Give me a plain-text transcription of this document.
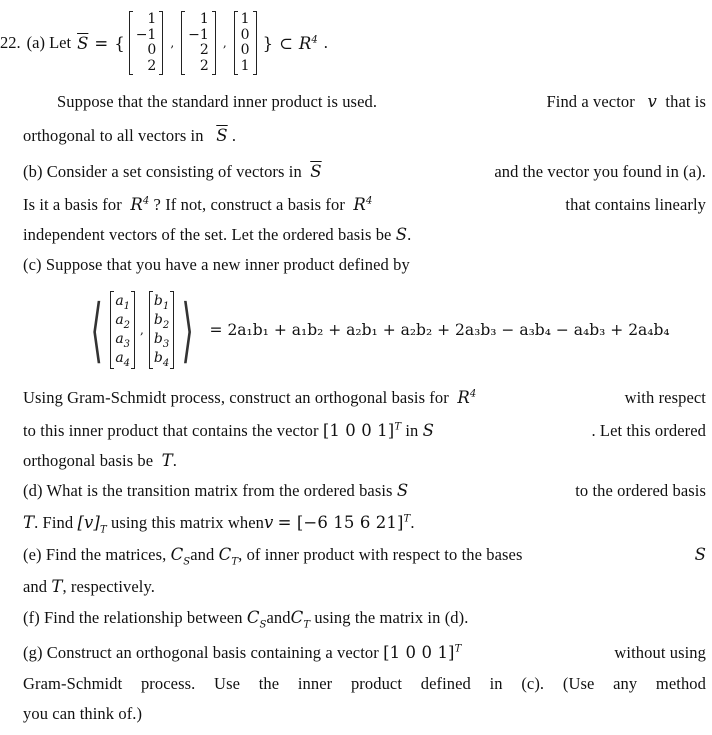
22. (a) Let $\overline{S}$ = {
1
−1
0
2
,
1
−1
2
2
,
1
0
0
1
} ⊂ $R^4$ .
Suppose that the standard inner product is used.	Find a vector v that is
orthogonal to all vectors in $\overline{S}$ .
(b) Consider a set consisting of vectors in $\overline{S}$	and the vector you found in (a).
Is it a basis for $R^4$ ? If not, construct a basis for $R^4$	that contains linearly
independent vectors of the set. Let the ordered basis be S.
(c) Suppose that you have a new inner product defined by
⟨ $a_1$
$a_2$
$a_3$
$a_4$
,
$b_1$
$b_2$
$b_3$
$b_4$ ⟩ = 2a₁b₁ + a₁b₂ + a₂b₁ + a₂b₂ + 2a₃b₃ − a₃b₄ − a₄b₃ + 2a₄b₄
Using Gram-Schmidt process, construct an orthogonal basis for $R^4$	with respect
to this inner product that contains the vector [1 0 0 1]$^T$ in S	. Let this ordered
orthogonal basis be T.
(d) What is the transition matrix from the ordered basis S	to the ordered basis
T. Find $[v]_T$ using this matrix whenv = [−6 15 6 21]$^T$.
(e) Find the matrices, $C_Sand$ $C_T$, of inner product with respect to the bases	S
and T, respectively.
(f) Find the relationship between $C_SandC_T$ using the matrix in (d).
(g) Construct an orthogonal basis containing a vector [1 0 0 1]$^T$	without using
Gram-Schmidt process. Use the inner product defined in (c). (Use any method
you can think of.)
